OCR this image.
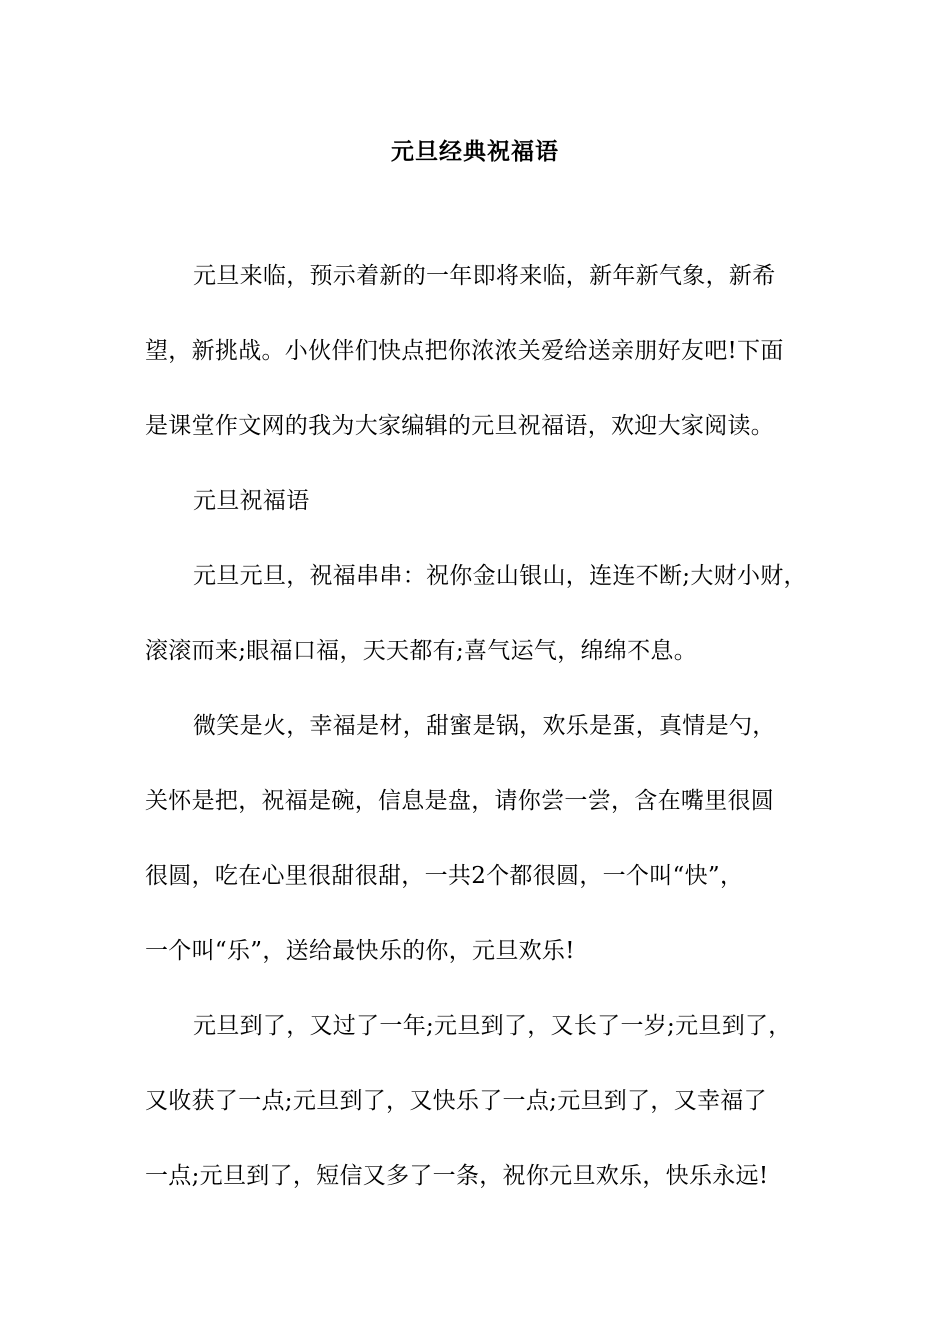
元旦经典祝福语
元旦来临，预示着新的一年即将来临，新年新气象，新希
望，新挑战。小伙伴们快点把你浓浓关爱给送亲朋好友吧!下面
是课堂作文网的我为大家编辑的元旦祝福语，欢迎大家阅读。
元旦祝福语
元旦元旦，祝福串串：祝你金山银山，连连不断;大财小财，
滚滚而来;眼福口福，天天都有;喜气运气，绵绵不息。
微笑是火，幸福是材，甜蜜是锅，欢乐是蛋，真情是勺，
关怀是把，祝福是碗，信息是盘，请你尝一尝，含在嘴里很圆
很圆，吃在心里很甜很甜，一共2个都很圆，一个叫“快”，
一个叫“乐”，送给最快乐的你，元旦欢乐!
元旦到了，又过了一年;元旦到了，又长了一岁;元旦到了，
又收获了一点;元旦到了，又快乐了一点;元旦到了，又幸福了
一点;元旦到了，短信又多了一条，祝你元旦欢乐，快乐永远!
